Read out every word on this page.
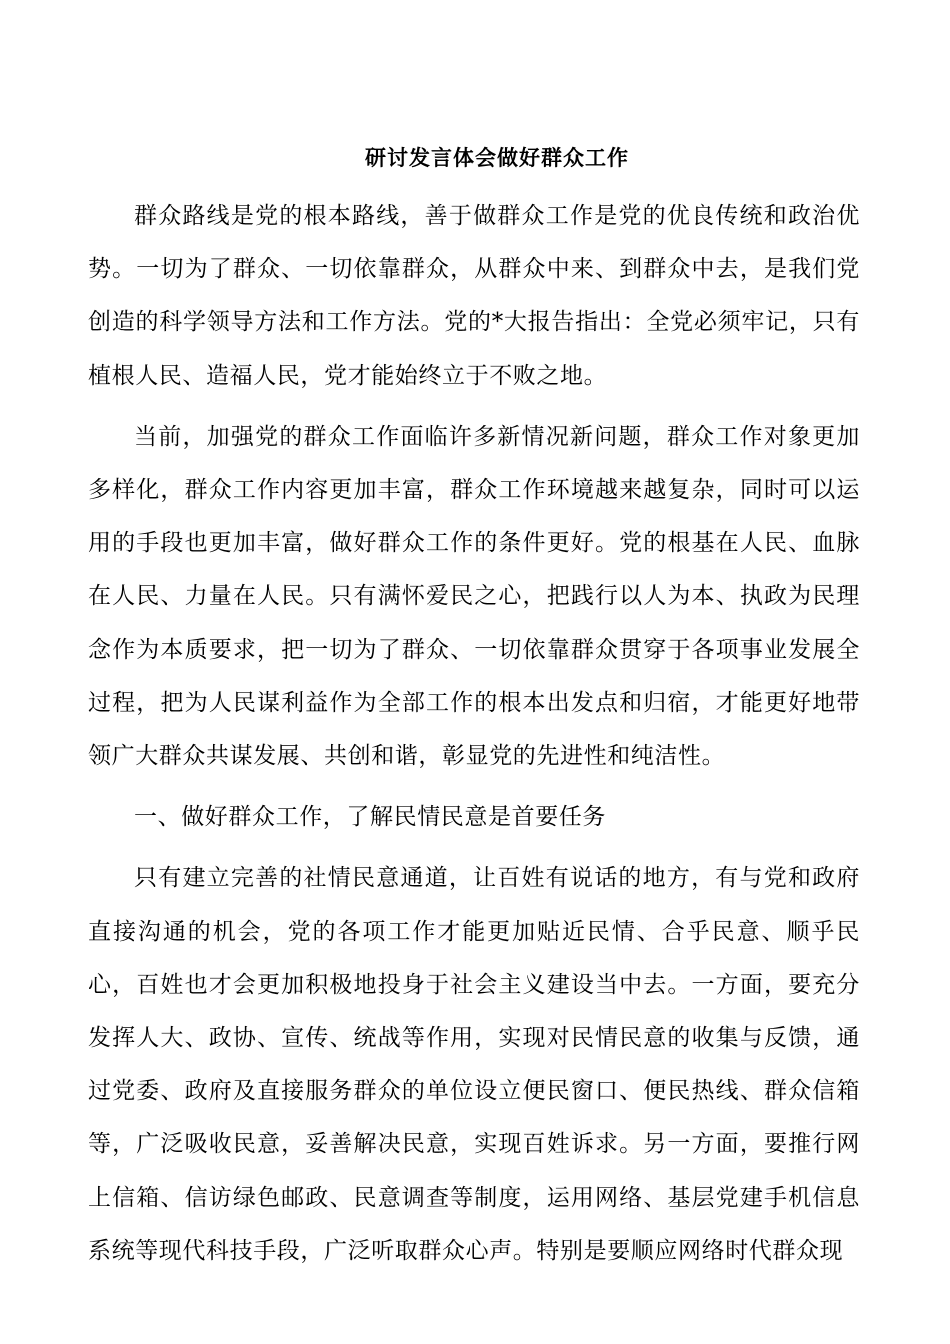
研讨发言体会做好群众工作

群众路线是党的根本路线，善于做群众工作是党的优良传统和政治优势。一切为了群众、一切依靠群众，从群众中来、到群众中去，是我们党创造的科学领导方法和工作方法。党的*大报告指出：全党必须牢记，只有植根人民、造福人民，党才能始终立于不败之地。

当前，加强党的群众工作面临许多新情况新问题，群众工作对象更加多样化，群众工作内容更加丰富，群众工作环境越来越复杂，同时可以运用的手段也更加丰富，做好群众工作的条件更好。党的根基在人民、血脉在人民、力量在人民。只有满怀爱民之心，把践行以人为本、执政为民理念作为本质要求，把一切为了群众、一切依靠群众贯穿于各项事业发展全过程，把为人民谋利益作为全部工作的根本出发点和归宿，才能更好地带领广大群众共谋发展、共创和谐，彰显党的先进性和纯洁性。

一、做好群众工作，了解民情民意是首要任务

只有建立完善的社情民意通道，让百姓有说话的地方，有与党和政府直接沟通的机会，党的各项工作才能更加贴近民情、合乎民意、顺乎民心，百姓也才会更加积极地投身于社会主义建设当中去。一方面，要充分发挥人大、政协、宣传、统战等作用，实现对民情民意的收集与反馈，通过党委、政府及直接服务群众的单位设立便民窗口、便民热线、群众信箱等，广泛吸收民意，妥善解决民意，实现百姓诉求。另一方面，要推行网上信箱、信访绿色邮政、民意调查等制度，运用网络、基层党建手机信息系统等现代科技手段，广泛听取群众心声。特别是要顺应网络时代群众现
